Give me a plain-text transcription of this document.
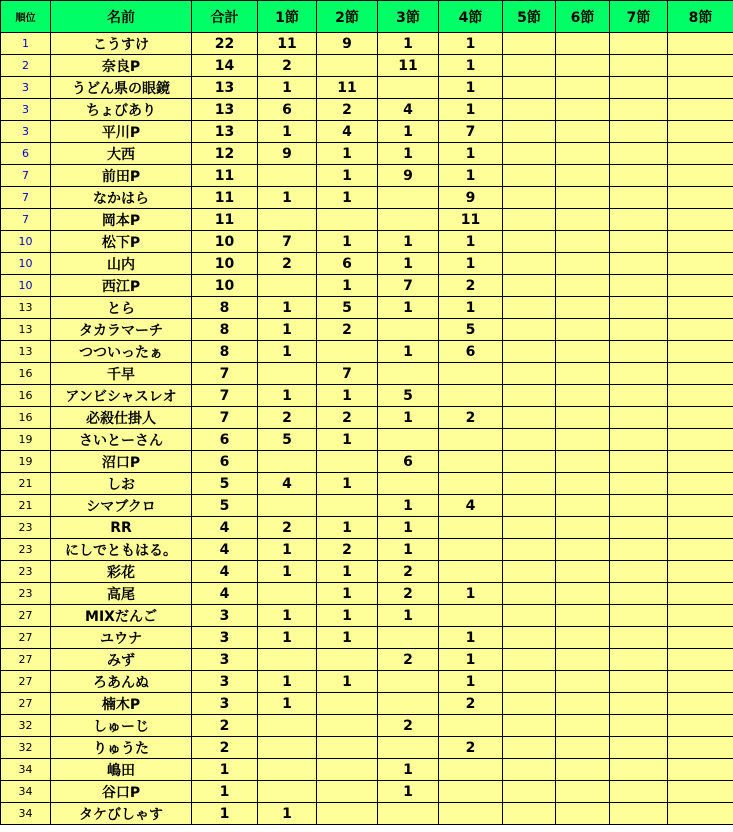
順位	名前	合計	1節	2節	3節	4節	5節	6節	7節	8節
1	こうすけ	22	11	9	1	1				
2	奈良P	14	2		11	1				
3	うどん県の眼鏡	13	1	11		1				
3	ちょびあり	13	6	2	4	1				
3	平川P	13	1	4	1	7				
6	大西	12	9	1	1	1				
7	前田P	11		1	9	1				
7	なかはら	11	1	1		9				
7	岡本P	11				11				
10	松下P	10	7	1	1	1				
10	山内	10	2	6	1	1				
10	西江P	10		1	7	2				
13	とら	8	1	5	1	1				
13	タカラマーチ	8	1	2		5				
13	つついったぁ	8	1		1	6				
16	千早	7		7						
16	アンビシャスレオ	7	1	1	5					
16	必殺仕掛人	7	2	2	1	2				
19	さいとーさん	6	5	1						
19	沼口P	6			6					
21	しお	5	4	1						
21	シマブクロ	5			1	4				
23	RR	4	2	1	1					
23	にしでともはる。	4	1	2	1					
23	彩花	4	1	1	2					
23	高尾	4		1	2	1				
27	MIXだんご	3	1	1	1					
27	ユウナ	3	1	1		1				
27	みず	3			2	1				
27	ろあんぬ	3	1	1		1				
27	楠木P	3	1			2				
32	しゅーじ	2			2					
32	りゅうた	2				2				
34	嶋田	1			1					
34	谷口P	1			1					
34	タケびしゃす	1	1							
